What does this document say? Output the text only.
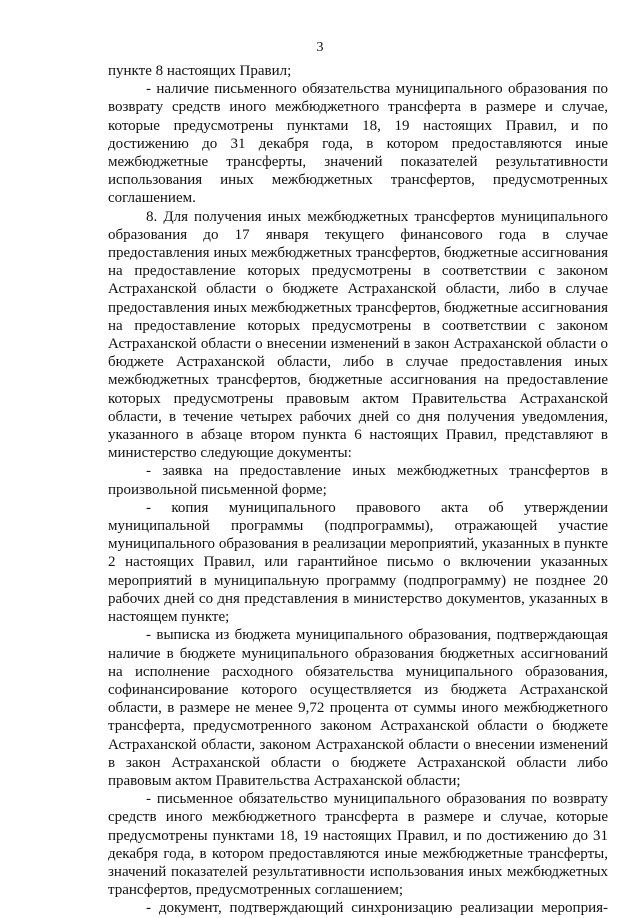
3

пункте 8 настоящих Правил;

- наличие письменного обязательства муниципального образования по возврату средств иного межбюджетного трансферта в размере и случае, которые предусмотрены пунктами 18, 19 настоящих Правил, и по достижению до 31 декабря года, в котором предоставляются иные межбюджетные трансферты, значений показателей результативности использования иных межбюджетных трансфертов, предусмотренных соглашением.

8. Для получения иных межбюджетных трансфертов муниципального образования до 17 января текущего финансового года в случае предоставления иных межбюджетных трансфертов, бюджетные ассигнования на предоставление которых предусмотрены в соответствии с законом Астраханской области о бюджете Астраханской области, либо в случае предоставления иных межбюджетных трансфертов, бюджетные ассигнования на предоставление которых предусмотрены в соответствии с законом Астраханской области о внесении изменений в закон Астраханской области о бюджете Астраханской области, либо в случае предоставления иных межбюджетных трансфертов, бюджетные ассигнования на предоставление которых предусмотрены правовым актом Правительства Астраханской области, в течение четырех рабочих дней со дня получения уведомления, указанного в абзаце втором пункта 6 настоящих Правил, представляют в министерство следующие документы:

- заявка на предоставление иных межбюджетных трансфертов в произвольной письменной форме;

- копия муниципального правового акта об утверждении муниципальной программы (подпрограммы), отражающей участие муниципального образования в реализации мероприятий, указанных в пункте 2 настоящих Правил, или гарантийное письмо о включении указанных мероприятий в муниципальную программу (подпрограмму) не позднее 20 рабочих дней со дня представления в министерство документов, указанных в настоящем пункте;

- выписка из бюджета муниципального образования, подтверждающая наличие в бюджете муниципального образования бюджетных ассигнований на исполнение расходного обязательства муниципального образования, софинансирование которого осуществляется из бюджета Астраханской области, в размере не менее 9,72 процента от суммы иного межбюджетного трансферта, предусмотренного законом Астраханской области о бюджете Астраханской области, законом Астраханской области о внесении изменений в закон Астраханской области о бюджете Астраханской области либо правовым актом Правительства Астраханской области;

- письменное обязательство муниципального образования по возврату средств иного межбюджетного трансферта в размере и случае, которые предусмотрены пунктами 18, 19 настоящих Правил, и по достижению до 31 декабря года, в котором предоставляются иные межбюджетные трансферты, значений показателей результативности использования иных межбюджетных трансфертов, предусмотренных соглашением;

- документ, подтверждающий синхронизацию реализации мероприя-
